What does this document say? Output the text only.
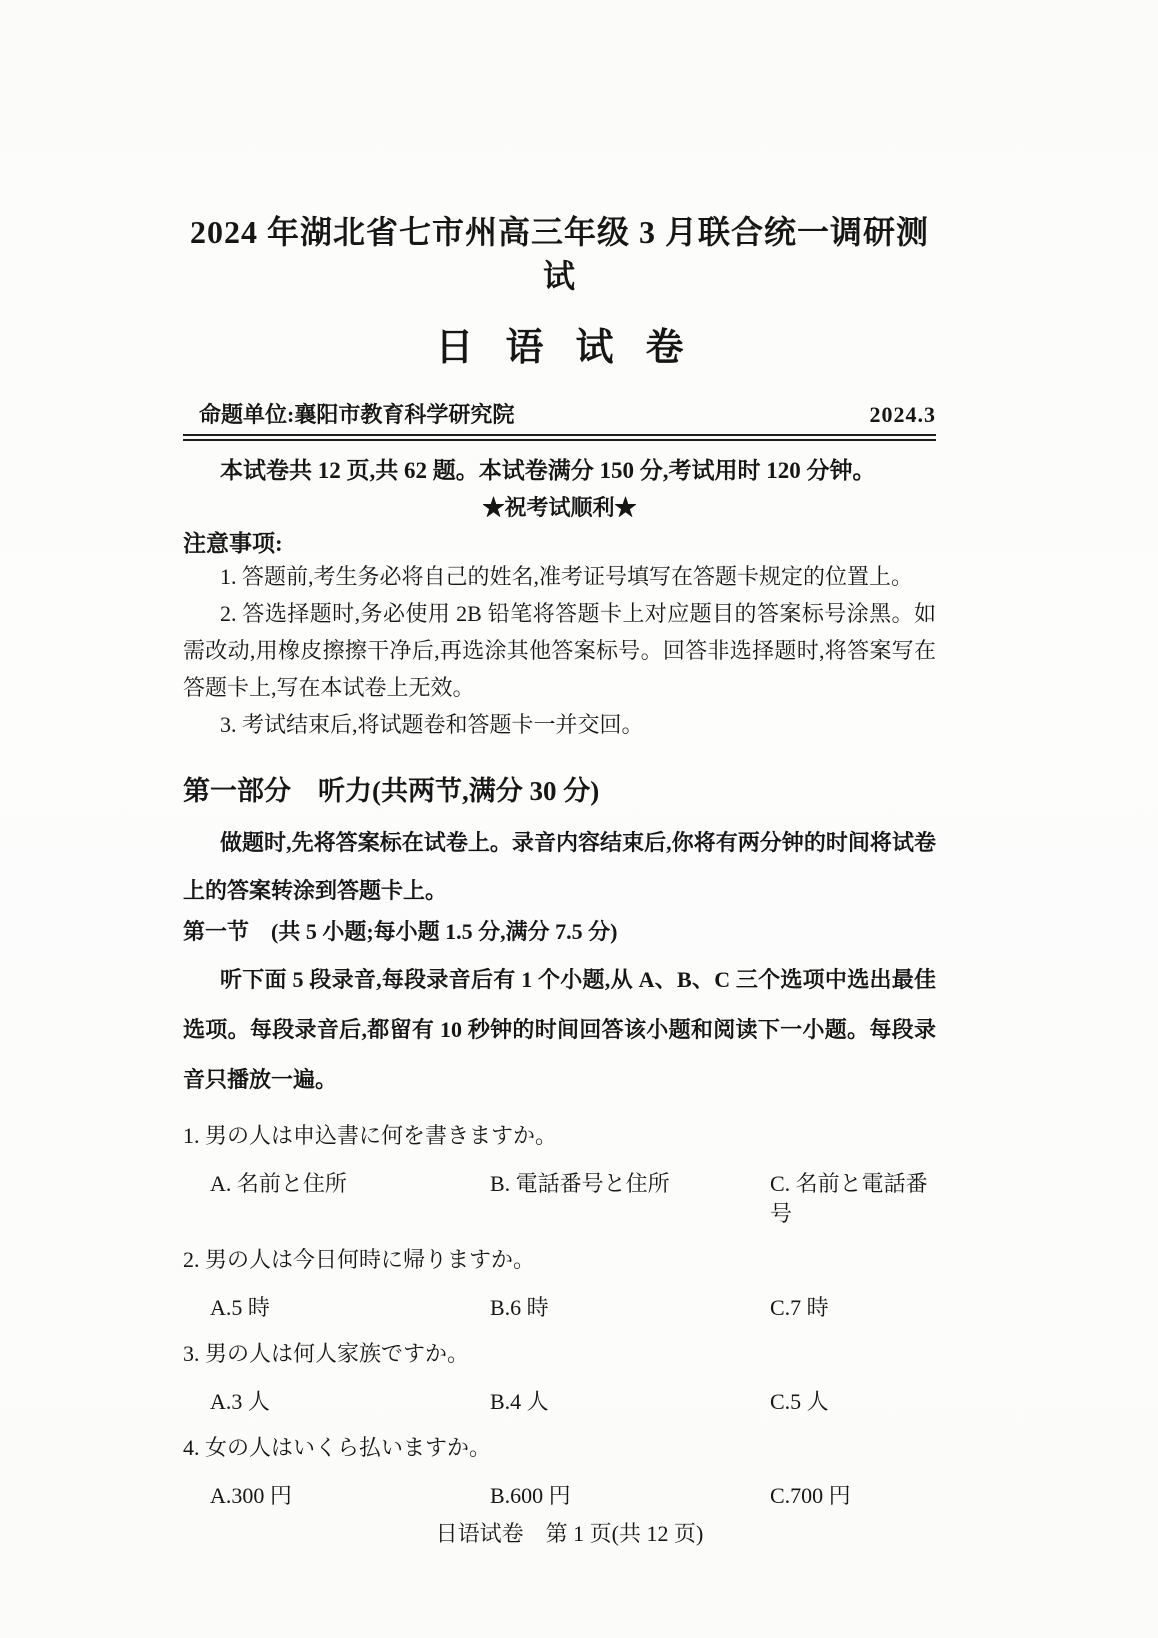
2024 年湖北省七市州高三年级 3 月联合统一调研测试
日语试卷
命题单位:襄阳市教育科学研究院	2024.3

本试卷共 12 页,共 62 题。本试卷满分 150 分,考试用时 120 分钟。

★祝考试顺利★

注意事项:

1. 答题前,考生务必将自己的姓名,准考证号填写在答题卡规定的位置上。

2. 答选择题时,务必使用 2B 铅笔将答题卡上对应题目的答案标号涂黑。如需改动,用橡皮擦擦干净后,再选涂其他答案标号。回答非选择题时,将答案写在答题卡上,写在本试卷上无效。

3. 考试结束后,将试题卷和答题卡一并交回。

第一部分　听力(共两节,满分 30 分)

做题时,先将答案标在试卷上。录音内容结束后,你将有两分钟的时间将试卷上的答案转涂到答题卡上。

第一节　(共 5 小题;每小题 1.5 分,满分 7.5 分)

听下面 5 段录音,每段录音后有 1 个小题,从 A、B、C 三个选项中选出最佳选项。每段录音后,都留有 10 秒钟的时间回答该小题和阅读下一小题。每段录音只播放一遍。

1. 男の人は申込書に何を書きますか。

A. 名前と住所	B. 電話番号と住所	C. 名前と電話番号

2. 男の人は今日何時に帰りますか。

A.5 時	B.6 時	C.7 時

3. 男の人は何人家族ですか。

A.3 人	B.4 人	C.5 人

4. 女の人はいくら払いますか。

A.300 円	B.600 円	C.700 円

日语试卷　第 1 页(共 12 页)
